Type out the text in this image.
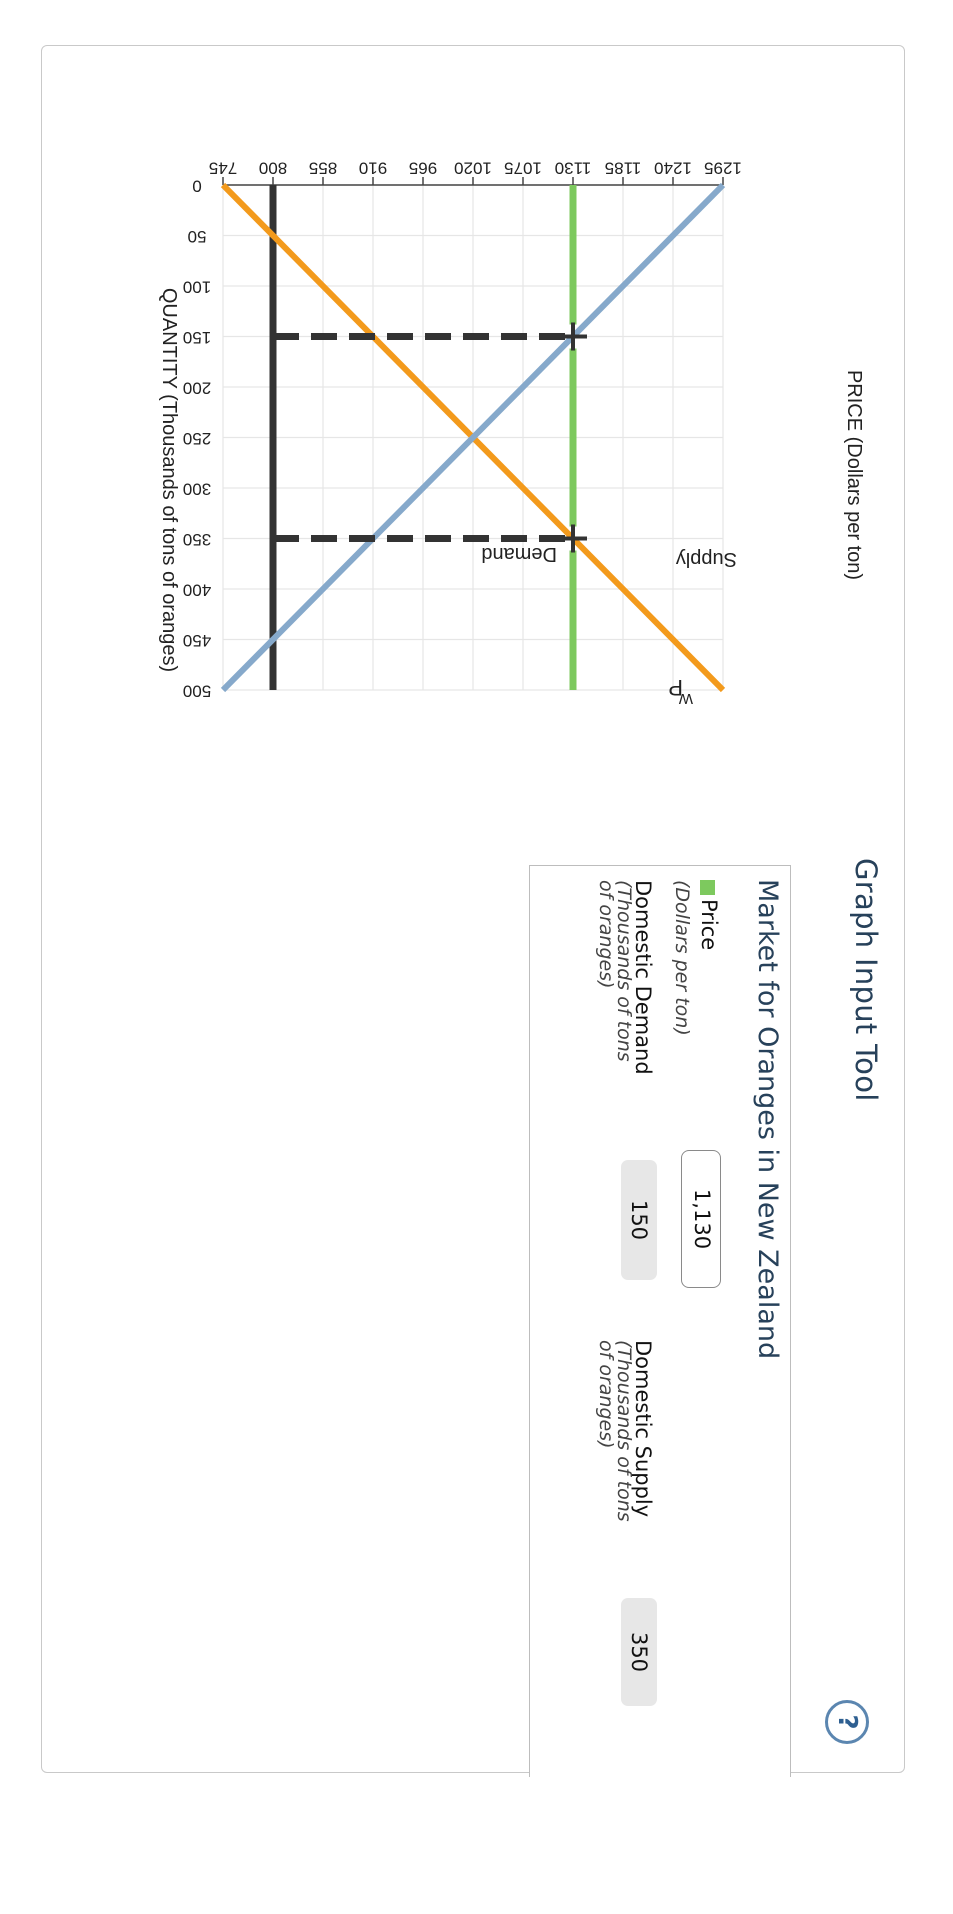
745 800 855 910 965 1020 1075 1130 1185 1240 1295
0
50
100
150
200
250
300
350
400
450
500
PRICE (Dollars per ton)
QUANTITY (Thousands of tons of oranges)	Supply
Demand
P
W
Graph Input Tool
?
Market for Oranges in New Zealand
Price
(Dollars per ton)
1,130
Domestic Demand
(Thousands of tons
of oranges)
150
Domestic Supply
(Thousands of tons
of oranges)
350
